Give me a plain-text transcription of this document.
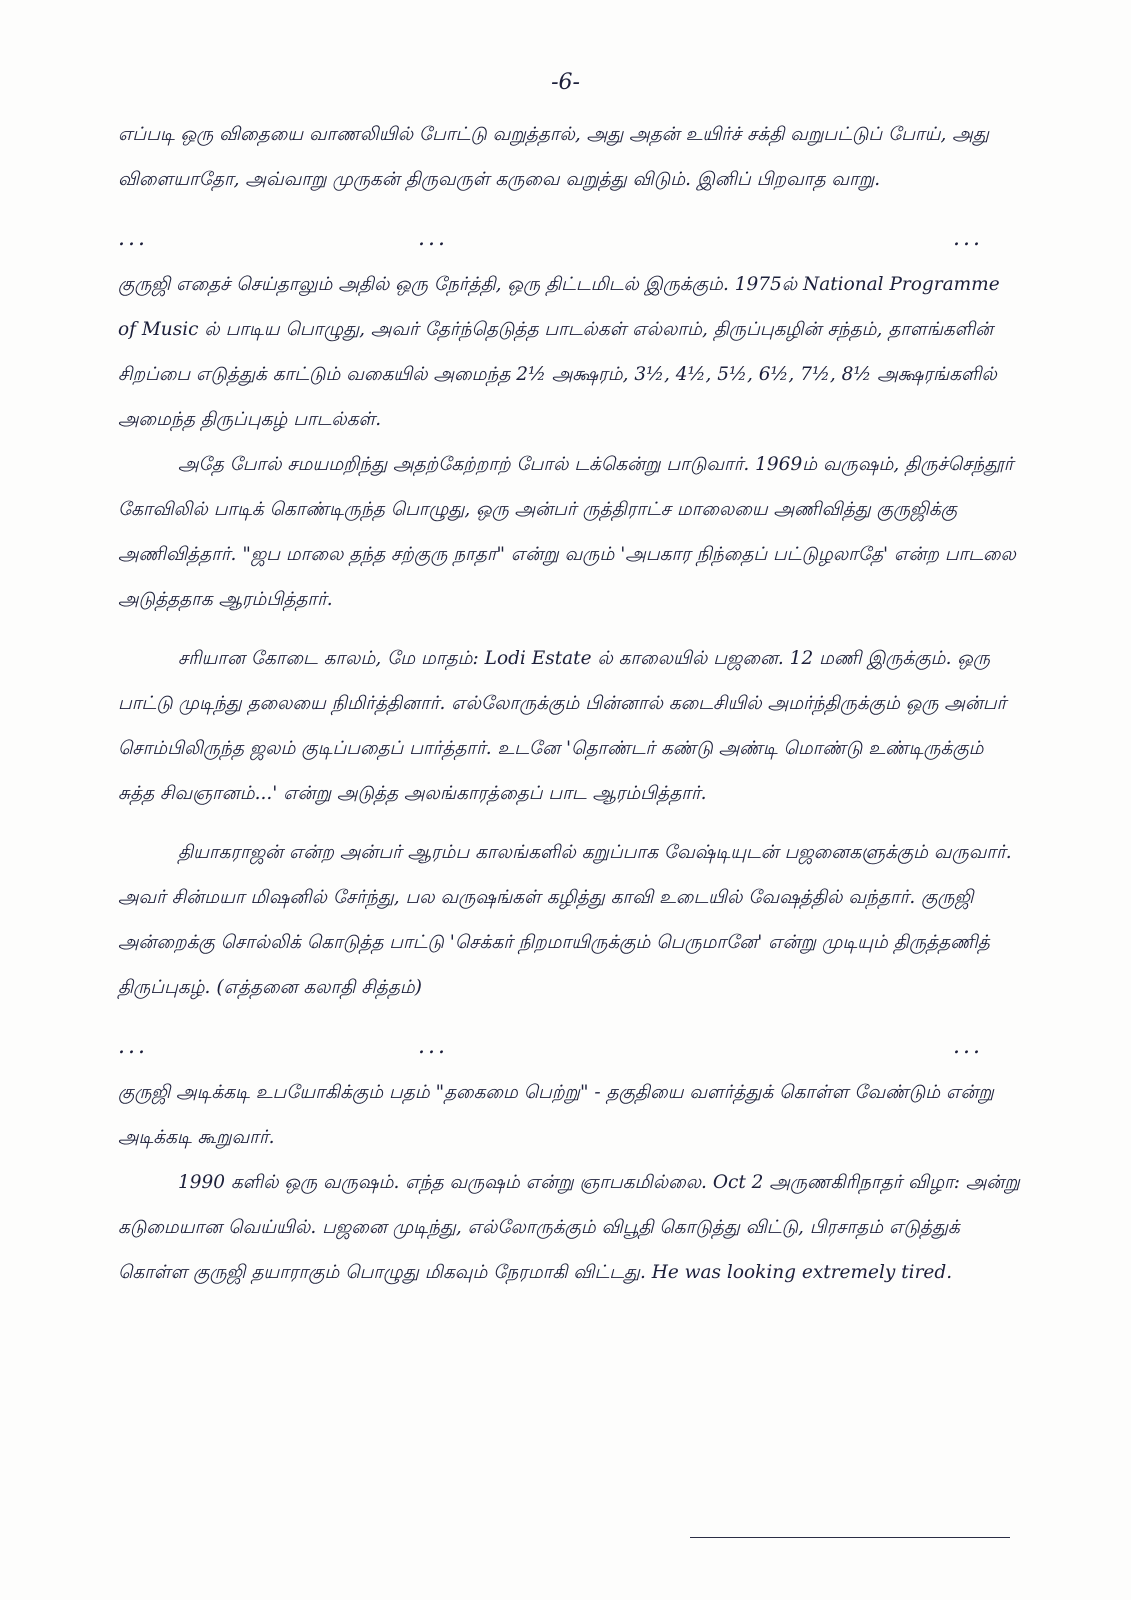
-6-

எப்படி ஒரு விதையை வாணலியில் போட்டு வறுத்தால், அது அதன் உயிர்ச் சக்தி வறுபட்டுப் போய், அது விளையாதோ, அவ்வாறு முருகன் திருவருள் கருவை வறுத்து விடும். இனிப் பிறவாத வாறு.

...	...	...

குருஜி எதைச் செய்தாலும் அதில் ஒரு நேர்த்தி, ஒரு திட்டமிடல் இருக்கும். 1975ல் National Programme of Music ல் பாடிய பொழுது, அவர் தேர்ந்தெடுத்த பாடல்கள் எல்லாம், திருப்புகழின் சந்தம், தாளங்களின் சிறப்பை எடுத்துக் காட்டும் வகையில் அமைந்த 2½ அக்ஷரம், 3½, 4½, 5½, 6½, 7½, 8½ அக்ஷரங்களில் அமைந்த திருப்புகழ் பாடல்கள்.

அதே போல் சமயமறிந்து அதற்கேற்றாற் போல் டக்கென்று பாடுவார். 1969ம் வருஷம், திருச்செந்தூர் கோவிலில் பாடிக் கொண்டிருந்த பொழுது, ஒரு அன்பர் ருத்திராட்ச மாலையை அணிவித்து குருஜிக்கு அணிவித்தார். "ஜப மாலை தந்த சற்குரு நாதா" என்று வரும் 'அபகார நிந்தைப் பட்டுழலாதே' என்ற பாடலை அடுத்ததாக ஆரம்பித்தார்.

சரியான கோடை காலம், மே மாதம்: Lodi Estate ல் காலையில் பஜனை. 12 மணி இருக்கும். ஒரு பாட்டு முடிந்து தலையை நிமிர்த்தினார். எல்லோருக்கும் பின்னால் கடைசியில் அமர்ந்திருக்கும் ஒரு அன்பர் சொம்பிலிருந்த ஜலம் குடிப்பதைப் பார்த்தார். உடனே 'தொண்டர் கண்டு அண்டி மொண்டு உண்டிருக்கும் சுத்த சிவஞானம்...' என்று அடுத்த அலங்காரத்தைப் பாட ஆரம்பித்தார்.

தியாகராஜன் என்ற அன்பர் ஆரம்ப காலங்களில் கறுப்பாக வேஷ்டியுடன் பஜனைகளுக்கும் வருவார். அவர் சின்மயா மிஷனில் சேர்ந்து, பல வருஷங்கள் கழித்து காவி உடையில் வேஷத்தில் வந்தார். குருஜி அன்றைக்கு சொல்லிக் கொடுத்த பாட்டு 'செக்கர் நிறமாயிருக்கும் பெருமானே' என்று முடியும் திருத்தணித் திருப்புகழ். (எத்தனை கலாதி சித்தம்)

...	...	...

குருஜி அடிக்கடி உபயோகிக்கும் பதம் "தகைமை பெற்று" - தகுதியை வளர்த்துக் கொள்ள வேண்டும் என்று அடிக்கடி கூறுவார்.

1990 களில் ஒரு வருஷம். எந்த வருஷம் என்று ஞாபகமில்லை. Oct 2 அருணகிரிநாதர் விழா: அன்று கடுமையான வெய்யில். பஜனை முடிந்து, எல்லோருக்கும் விபூதி கொடுத்து விட்டு, பிரசாதம் எடுத்துக் கொள்ள குருஜி தயாராகும் பொழுது மிகவும் நேரமாகி விட்டது. He was looking extremely tired.
